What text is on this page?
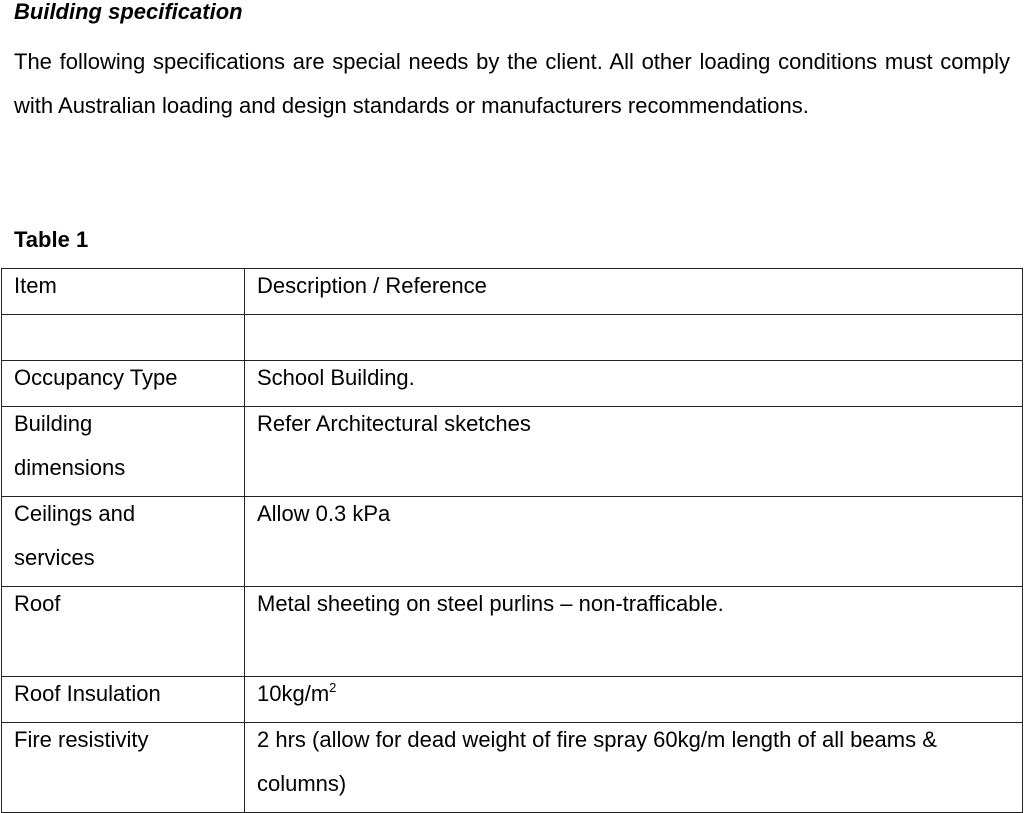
Building specification
The following specifications are special needs by the client. All other loading conditions must comply with Australian loading and design standards or manufacturers recommendations.
Table 1
Item	Description / Reference

Occupancy Type	School Building.

Building dimensions	Refer Architectural sketches

Ceilings and services	Allow 0.3 kPa

Roof	Metal sheeting on steel purlins – non-trafficable.

Roof Insulation	$10kg/m^2$

Fire resistivity	2 hrs (allow for dead weight of fire spray 60kg/m length of all beams & columns)
